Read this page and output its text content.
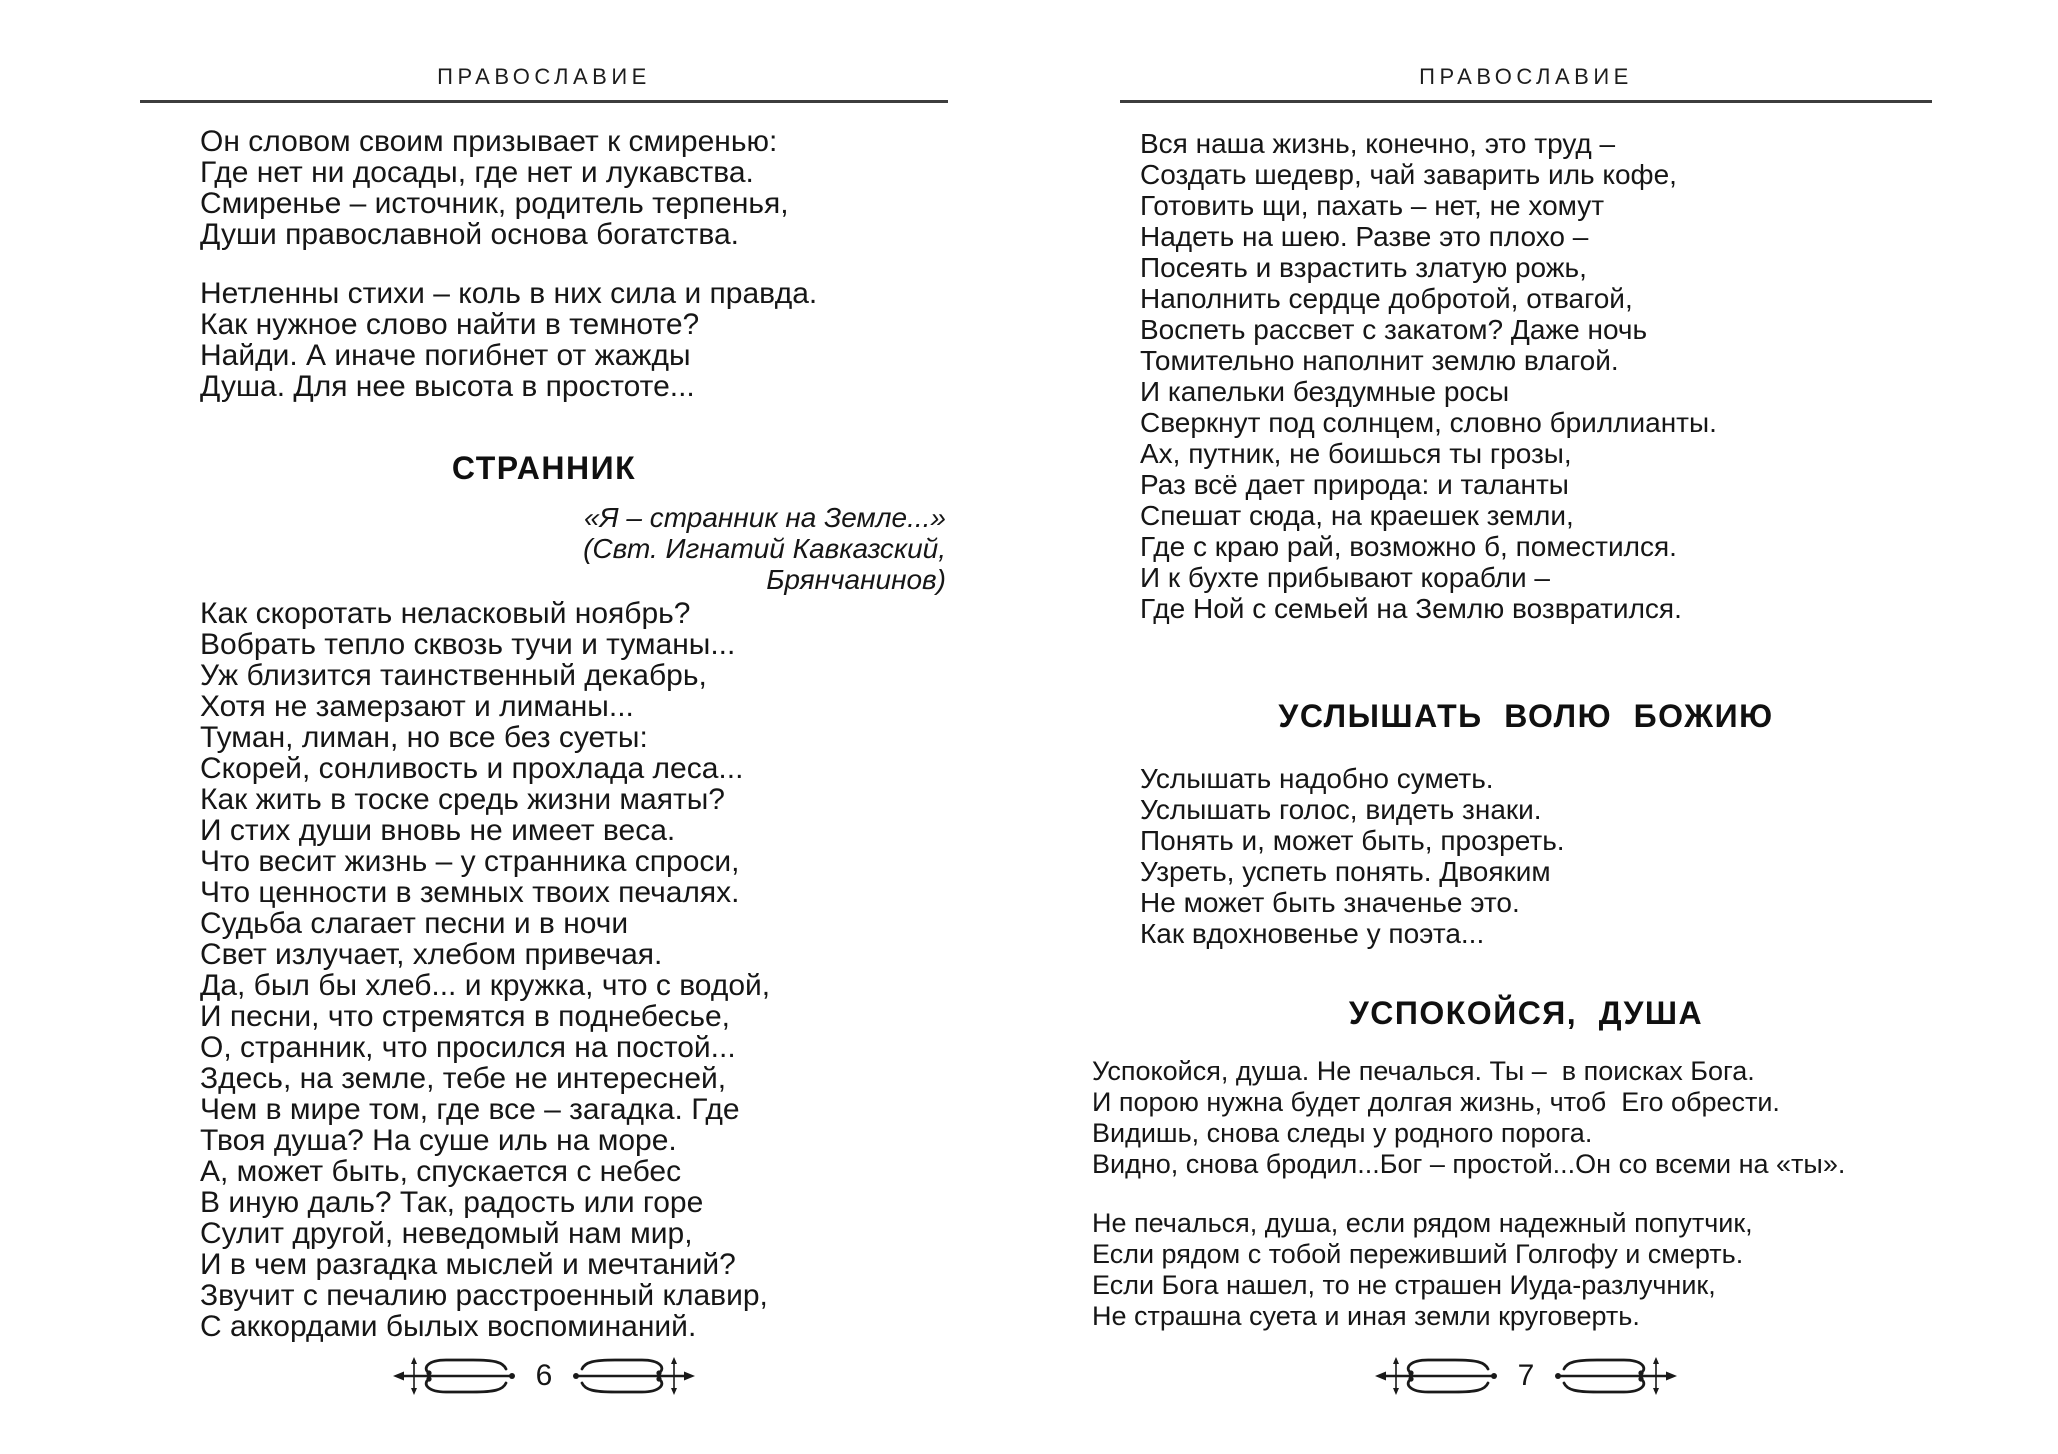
ПРАВОСЛАВИЕ
Он словом своим призывает к смиренью:
Где нет ни досады, где нет и лукавства.
Смиренье – источник, родитель терпенья,
Души православной основа богатства.
Нетленны стихи – коль в них сила и правда.
Как нужное слово найти в темноте?
Найди. А иначе погибнет от жажды
Душа. Для нее высота в простоте...
СТРАННИК
«Я – странник на Земле...»
(Свт. Игнатий Кавказский,
Брянчанинов)
Как скоротать неласковый ноябрь?
Вобрать тепло сквозь тучи и туманы...
Уж близится таинственный декабрь,
Хотя не замерзают и лиманы...
Туман, лиман, но все без суеты:
Скорей, сонливость и прохлада леса...
Как жить в тоске средь жизни маяты?
И стих души вновь не имеет веса.
Что весит жизнь – у странника спроси,
Что ценности в земных твоих печалях.
Судьба слагает песни и в ночи
Свет излучает, хлебом привечая.
Да, был бы хлеб... и кружка, что с водой,
И песни, что стремятся в поднебесье,
О, странник, что просился на постой...
Здесь, на земле, тебе не интересней,
Чем в мире том, где все – загадка. Где
Твоя душа? На суше иль на море.
А, может быть, спускается с небес
В иную даль? Так, радость или горе
Сулит другой, неведомый нам мир,
И в чем разгадка мыслей и мечтаний?
Звучит с печалию расстроенный клавир,
С аккордами былых воспоминаний.
6
ПРАВОСЛАВИЕ
Вся наша жизнь, конечно, это труд –
Создать шедевр, чай заварить иль кофе,
Готовить щи, пахать – нет, не хомут
Надеть на шею. Разве это плохо –
Посеять и взрастить златую рожь,
Наполнить сердце добротой, отвагой,
Воспеть рассвет с закатом? Даже ночь
Томительно наполнит землю влагой.
И капельки бездумные росы
Сверкнут под солнцем, словно бриллианты.
Ах, путник, не боишься ты грозы,
Раз всё дает природа: и таланты
Спешат сюда, на краешек земли,
Где с краю рай, возможно б, поместился.
И к бухте прибывают корабли –
Где Ной с семьей на Землю возвратился.
УСЛЫШАТЬ ВОЛЮ БОЖИЮ
Услышать надобно суметь.
Услышать голос, видеть знаки.
Понять и, может быть, прозреть.
Узреть, успеть понять. Двояким
Не может быть значенье это.
Как вдохновенье у поэта...
УСПОКОЙСЯ, ДУША
Успокойся, душа. Не печалься. Ты –  в поисках Бога.
И порою нужна будет долгая жизнь, чтоб  Его обрести.
Видишь, снова следы у родного порога.
Видно, снова бродил...Бог – простой...Он со всеми на «ты».
Не печалься, душа, если рядом надежный попутчик,
Если рядом с тобой переживший Голгофу и смерть.
Если Бога нашел, то не страшен Иуда-разлучник,
Не страшна суета и иная земли круговерть.
7
